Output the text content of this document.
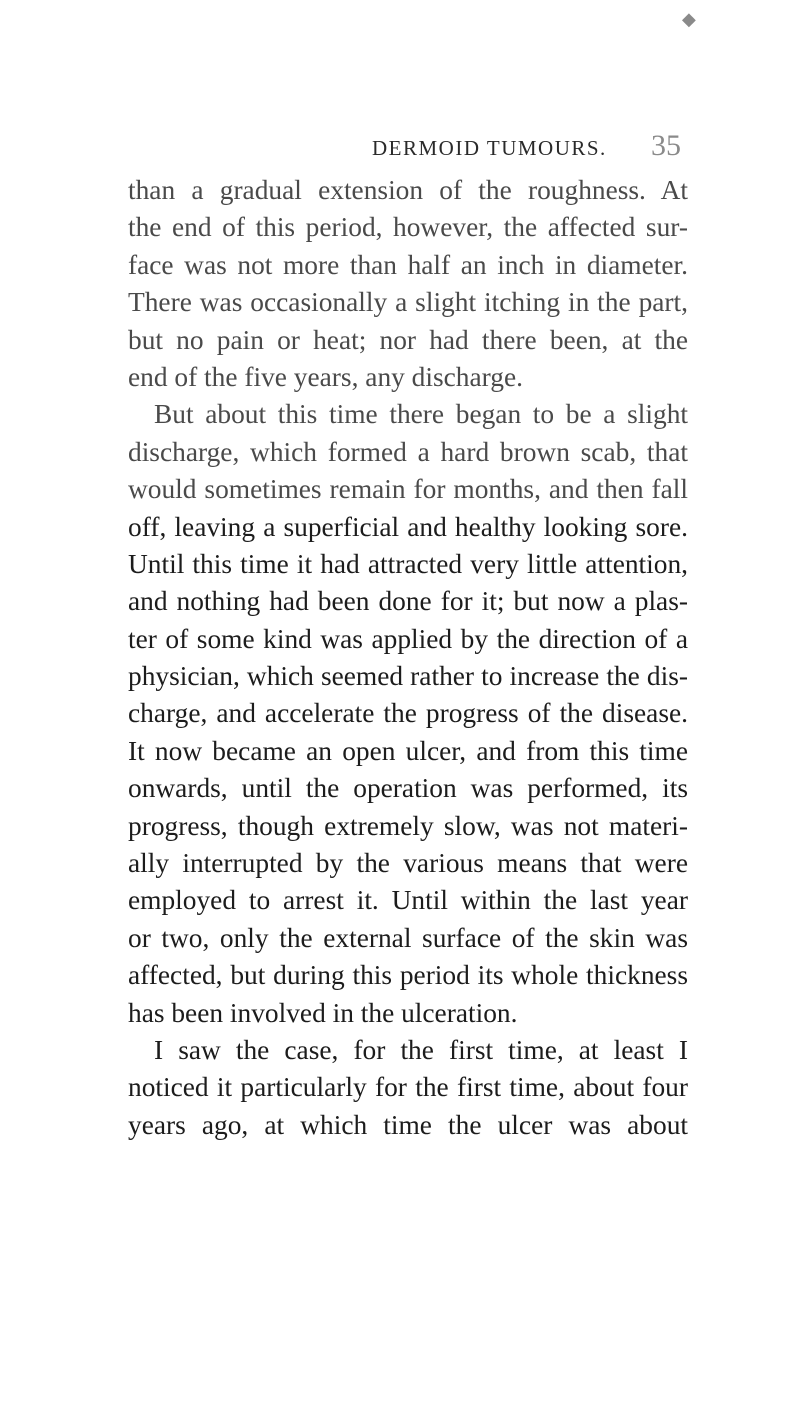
◆
DERMOID TUMOURS. 35
than a gradual extension of the roughness. At
the end of this period, however, the affected sur-
face was not more than half an inch in diameter.
There was occasionally a slight itching in the part,
but no pain or heat; nor had there been, at the
end of the five years, any discharge.
But about this time there began to be a slight
discharge, which formed a hard brown scab, that
would sometimes remain for months, and then fall
off, leaving a superficial and healthy looking sore.
Until this time it had attracted very little attention,
and nothing had been done for it; but now a plas-
ter of some kind was applied by the direction of a
physician, which seemed rather to increase the dis-
charge, and accelerate the progress of the disease.
It now became an open ulcer, and from this time
onwards, until the operation was performed, its
progress, though extremely slow, was not materi-
ally interrupted by the various means that were
employed to arrest it. Until within the last year
or two, only the external surface of the skin was
affected, but during this period its whole thickness
has been involved in the ulceration.
I saw the case, for the first time, at least I
noticed it particularly for the first time, about four
years ago, at which time the ulcer was about
